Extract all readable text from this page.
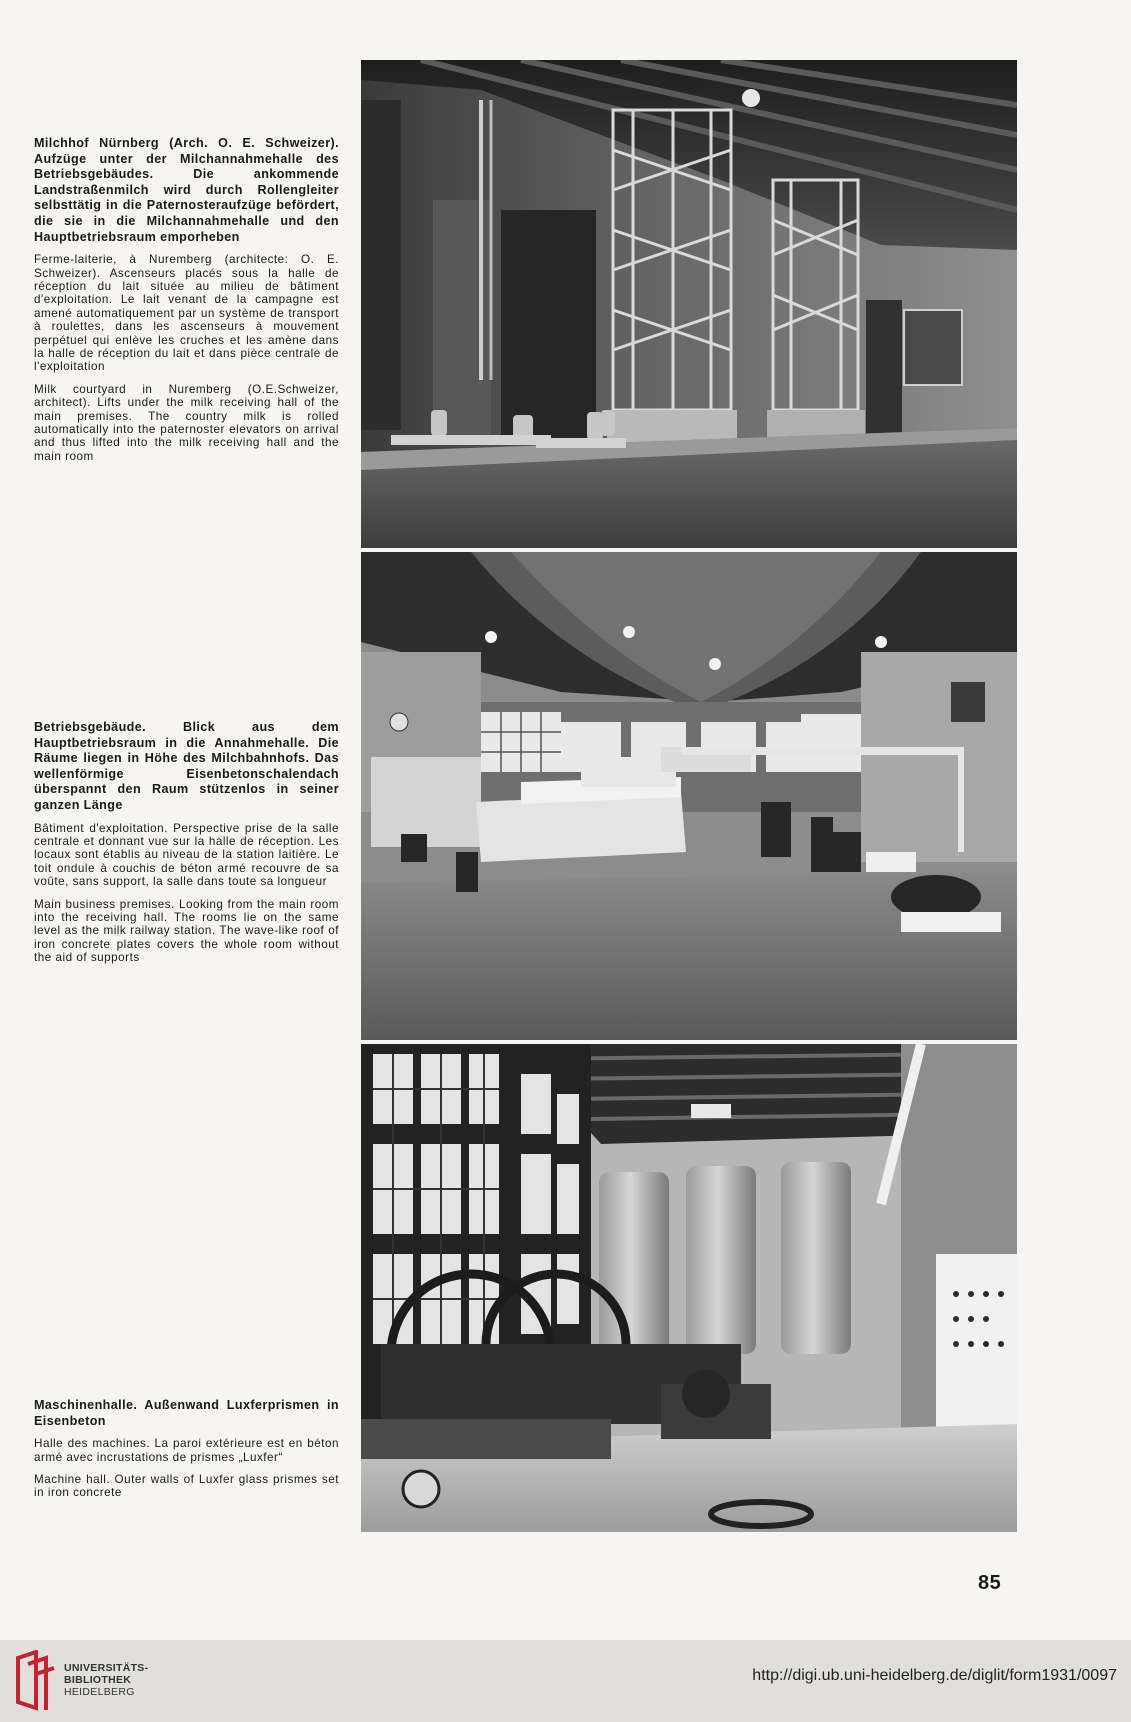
Milchhof Nürnberg (Arch. O. E. Schweizer). Aufzüge unter der Milchannahmehalle des Betriebsgebäudes. Die ankommende Landstraßenmilch wird durch Rollengleiter selbsttätig in die Paternosteraufzüge befördert, die sie in die Milchannahmehalle und den Hauptbetriebsraum emporheben

Ferme-laiterie, à Nuremberg (architecte: O. E. Schweizer). Ascenseurs placés sous la halle de réception du lait située au milieu de bâtiment d'exploitation. Le lait venant de la campagne est amené automatiquement par un système de transport à roulettes, dans les ascenseurs à mouvement perpétuel qui enlève les cruches et les amène dans la halle de réception du lait et dans pièce centrale de l'exploitation

Milk courtyard in Nuremberg (O.E.Schweizer, architect). Lifts under the milk receiving hall of the main premises. The country milk is rolled automatically into the paternoster elevators on arrival and thus lifted into the milk receiving hall and the main room

Betriebsgebäude. Blick aus dem Hauptbetriebsraum in die Annahmehalle. Die Räume liegen in Höhe des Milchbahnhofs. Das wellenförmige Eisenbetonschalendach überspannt den Raum stützenlos in seiner ganzen Länge

Bâtiment d'exploitation. Perspective prise de la salle centrale et donnant vue sur la halle de réception. Les locaux sont établis au niveau de la station laitière. Le toit ondule à couchis de béton armé recouvre de sa voûte, sans support, la salle dans toute sa longueur

Main business premises. Looking from the main room into the receiving hall. The rooms lie on the same level as the milk railway station. The wave-like roof of iron concrete plates covers the whole room without the aid of supports

Maschinenhalle. Außenwand Luxferprismen in Eisenbeton

Halle des machines. La paroi extérieure est en béton armé avec incrustations de prismes „Luxfer“

Machine hall. Outer walls of Luxfer glass prismes set in iron concrete

85
UNIVERSITÄTS-
BIBLIOTHEK
HEIDELBERG
http://digi.ub.uni-heidelberg.de/diglit/form1931/0097
